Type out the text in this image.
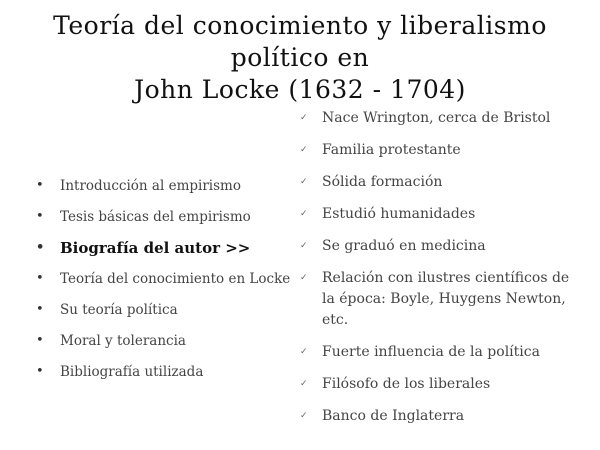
Teoría del conocimiento y liberalismo
político en
John Locke (1632 - 1704)
• Introducción al empirismo
• Tesis básicas del empirismo
• Biografía del autor >>
• Teoría del conocimiento en Locke
• Su teoría política
• Moral y tolerancia
• Bibliografía utilizada
✓ Nace Wrington, cerca de Bristol
✓ Familia protestante
✓ Sólida formación
✓ Estudió humanidades
✓ Se graduó en medicina
✓ Relación con ilustres científicos de la época: Boyle, Huygens Newton, etc.
✓ Fuerte influencia de la política
✓ Filósofo de los liberales
✓ Banco de Inglaterra
